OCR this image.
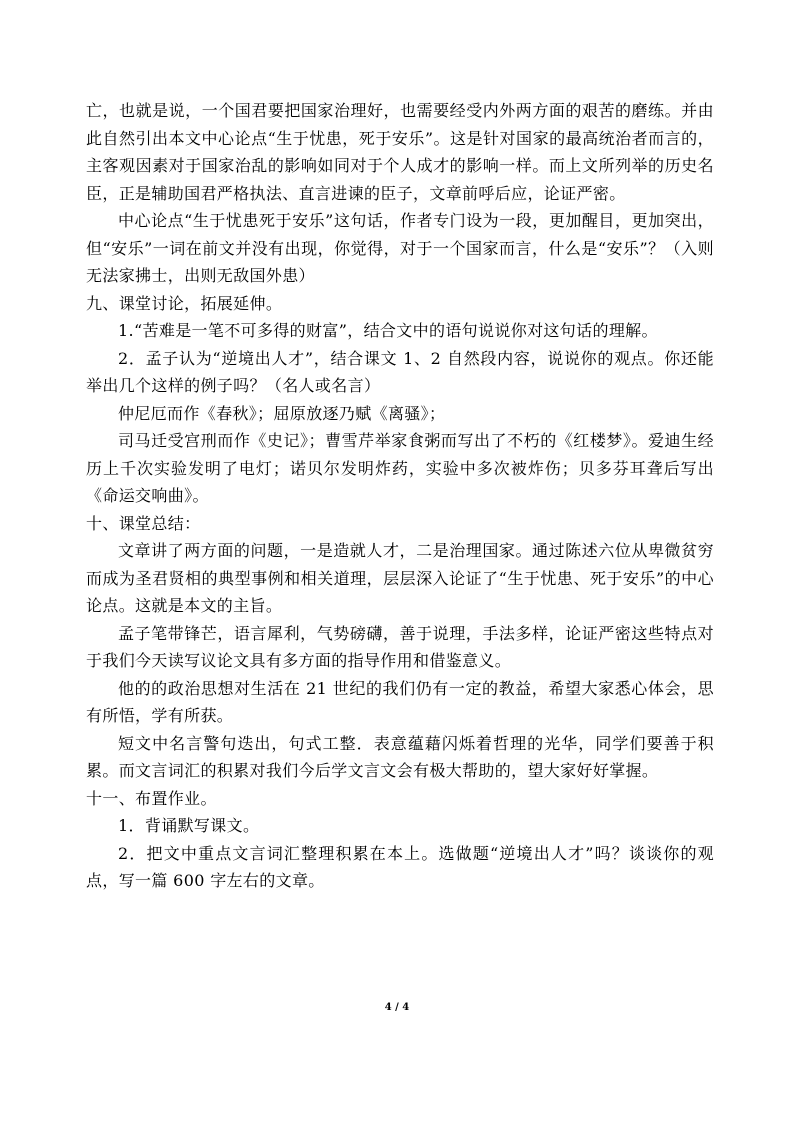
亡，也就是说，一个国君要把国家治理好，也需要经受内外两方面的艰苦的磨练。并由此自然引出本文中心论点“生于忧患，死于安乐”。这是针对国家的最高统治者而言的，主客观因素对于国家治乱的影响如同对于个人成才的影响一样。而上文所列举的历史名臣，正是辅助国君严格执法、直言进谏的臣子，文章前呼后应，论证严密。

中心论点“生于忧患死于安乐”这句话，作者专门设为一段，更加醒目，更加突出，但“安乐”一词在前文并没有出现，你觉得，对于一个国家而言，什么是“安乐”？（入则无法家拂士，出则无敌国外患）

九、课堂讨论，拓展延伸。

1.“苦难是一笔不可多得的财富”，结合文中的语句说说你对这句话的理解。

2．孟子认为“逆境出人才”，结合课文 1、2 自然段内容，说说你的观点。你还能举出几个这样的例子吗？（名人或名言）

仲尼厄而作《春秋》；屈原放逐乃赋《离骚》；

司马迁受宫刑而作《史记》；曹雪芹举家食粥而写出了不朽的《红楼梦》。爱迪生经历上千次实验发明了电灯；诺贝尔发明炸药，实验中多次被炸伤；贝多芬耳聋后写出《命运交响曲》。

十、课堂总结：

文章讲了两方面的问题，一是造就人才，二是治理国家。通过陈述六位从卑微贫穷而成为圣君贤相的典型事例和相关道理，层层深入论证了“生于忧患、死于安乐”的中心论点。这就是本文的主旨。

孟子笔带锋芒，语言犀利，气势磅礴，善于说理，手法多样，论证严密这些特点对于我们今天读写议论文具有多方面的指导作用和借鉴意义。

他的的政治思想对生活在 21 世纪的我们仍有一定的教益，希望大家悉心体会，思有所悟，学有所获。

短文中名言警句迭出，句式工整．表意蕴藉闪烁着哲理的光华，同学们要善于积累。而文言词汇的积累对我们今后学文言文会有极大帮助的，望大家好好掌握。

十一、布置作业。

1．背诵默写课文。

2．把文中重点文言词汇整理积累在本上。选做题“逆境出人才”吗？谈谈你的观点，写一篇 600 字左右的文章。

4 / 4
